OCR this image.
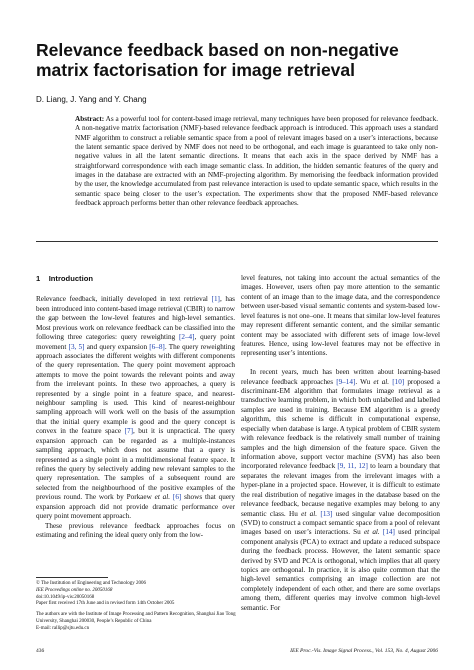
Relevance feedback based on non-negative matrix factorisation for image retrieval
D. Liang, J. Yang and Y. Chang

Abstract: As a powerful tool for content-based image retrieval, many techniques have been proposed for relevance feedback. A non-negative matrix factorisation (NMF)-based relevance feedback approach is introduced. This approach uses a standard NMF algorithm to construct a reliable semantic space from a pool of relevant images based on a user’s interactions, because the latent semantic space derived by NMF does not need to be orthogonal, and each image is guaranteed to take only non-negative values in all the latent semantic directions. It means that each axis in the space derived by NMF has a straightforward correspondence with each image semantic class. In addition, the hidden semantic features of the query and images in the database are extracted with an NMF-projecting algorithm. By memorising the feedback information provided by the user, the knowledge accumulated from past relevance interaction is used to update semantic space, which results in the semantic space being closer to the user’s expectation. The experiments show that the proposed NMF-based relevance feedback approach performs better than other relevance feedback approaches.

1 Introduction

Relevance feedback, initially developed in text retrieval [1], has been introduced into content-based image retrieval (CBIR) to narrow the gap between the low-level features and high-level semantics. Most previous work on relevance feedback can be classified into the following three categories: query reweighting [2–4], query point movement [3, 5] and query expansion [6–8]. The query reweighting approach associates the different weights with different components of the query representation. The query point movement approach attempts to move the point towards the relevant points and away from the irrelevant points. In these two approaches, a query is represented by a single point in a feature space, and nearest-neighbour sampling is used. This kind of nearest-neighbour sampling approach will work well on the basis of the assumption that the initial query example is good and the query concept is convex in the feature space [7], but it is unpractical. The query expansion approach can be regarded as a multiple-instances sampling approach, which does not assume that a query is represented as a single point in a multidimensional feature space. It refines the query by selectively adding new relevant samples to the query representation. The samples of a subsequent round are selected from the neighbourhood of the positive examples of the previous round. The work by Porkaew et al. [6] shows that query expansion approach did not provide dramatic performance over query point movement approach.

These previous relevance feedback approaches focus on estimating and refining the ideal query only from the low-

level features, not taking into account the actual semantics of the images. However, users often pay more attention to the semantic content of an image than to the image data, and the correspondence between user-based visual semantic contents and system-based low-level features is not one–one. It means that similar low-level features may represent different semantic content, and the similar semantic content may be associated with different sets of image low-level features. Hence, using low-level features may not be effective in representing user’s intentions.

In recent years, much has been written about learning-based relevance feedback approaches [9–14]. Wu et al. [10] proposed a discriminant-EM algorithm that formulates image retrieval as a transductive learning problem, in which both unlabelled and labelled samples are used in training. Because EM algorithm is a greedy algorithm, this scheme is difficult in computational expense, especially when database is large. A typical problem of CBIR system with relevance feedback is the relatively small number of training samples and the high dimension of the feature space. Given the information above, support vector machine (SVM) has also been incorporated relevance feedback [9, 11, 12] to learn a boundary that separates the relevant images from the irrelevant images with a hyper-plane in a projected space. However, it is difficult to estimate the real distribution of negative images in the database based on the relevance feedback, because negative examples may belong to any semantic class. Hu et al. [13] used singular value decomposition (SVD) to construct a compact semantic space from a pool of relevant images based on user’s interactions. Su et al. [14] used principal component analysis (PCA) to extract and update a reduced subspace during the feedback process. However, the latent semantic space derived by SVD and PCA is orthogonal, which implies that all query topics are orthogonal. In practice, it is also quite common that the high-level semantics comprising an image collection are not completely independent of each other, and there are some overlaps among them, different queries may involve common high-level semantic. For

© The Institution of Engineering and Technology 2006

IEE Proceedings online no. 20050168

doi:10.1049/ip-vis:20050168

Paper first received 17th June and in revised form 14th October 2005

The authors are with the Institute of Image Processing and Pattern Recognition, Shanghai Jiao Tong University, Shanghai 200030, People’s Republic of China

E-mail: rallip@sjtu.edu.cn

436	IEE Proc.-Vis. Image Signal Process., Vol. 153, No. 4, August 2006
